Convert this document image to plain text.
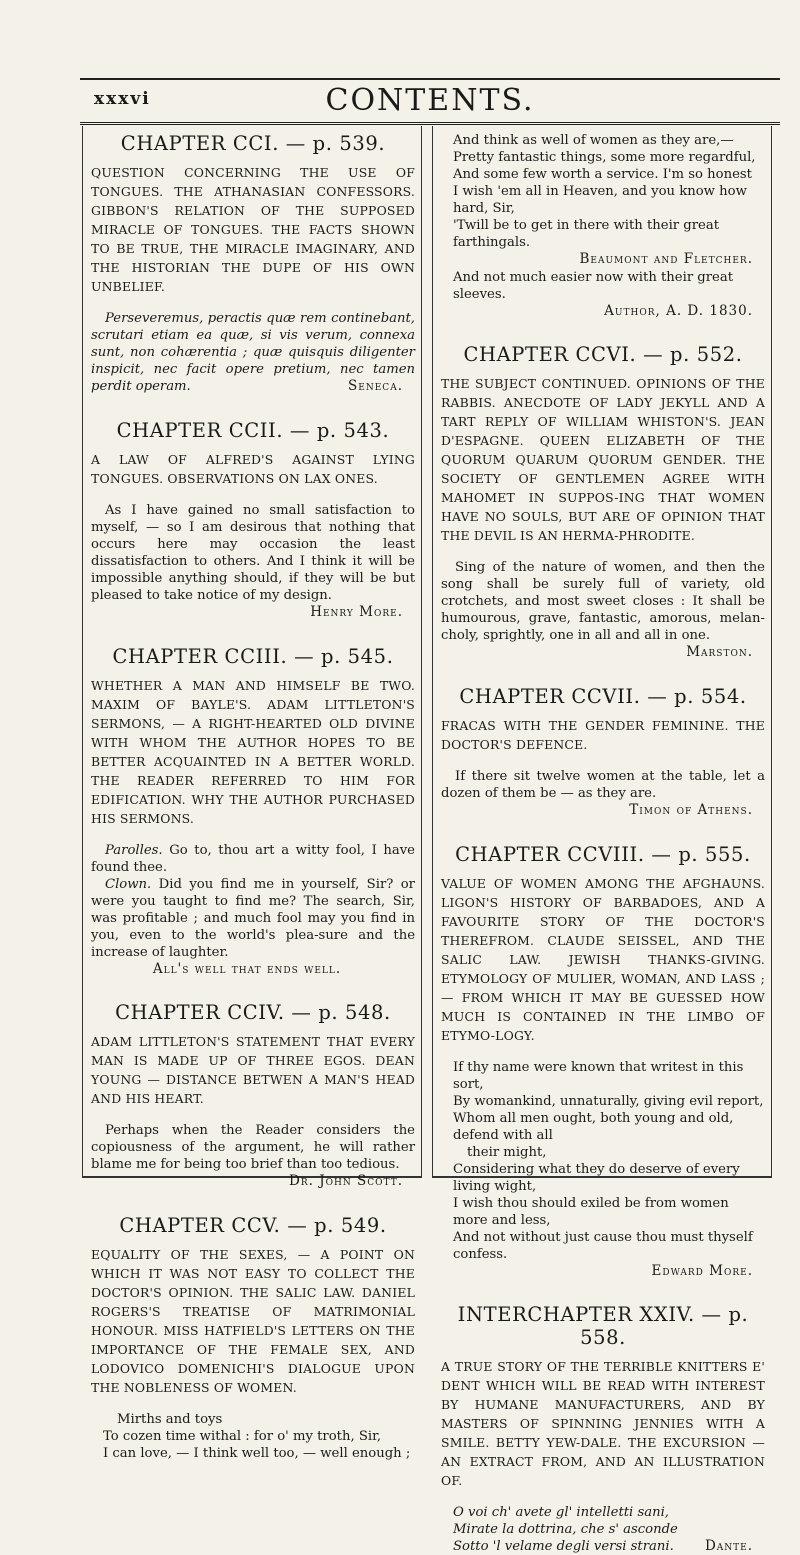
xxxvi	CONTENTS.
CHAPTER CCI. — p. 539.

QUESTION CONCERNING THE USE OF TONGUES. THE ATHANASIAN CONFESSORS. GIBBON'S RELATION OF THE SUPPOSED MIRACLE OF TONGUES. THE FACTS SHOWN TO BE TRUE, THE MIRACLE IMAGINARY, AND THE HISTORIAN THE DUPE OF HIS OWN UNBELIEF.

Perseveremus, peractis quæ rem continebant, scrutari etiam ea quæ, si vis verum, connexa sunt, non cohærentia ; quæ quisquis diligenter inspicit, nec facit opere pretium, nec tamen perdit operam.	Seneca.

CHAPTER CCII. — p. 543.

A LAW OF ALFRED'S AGAINST LYING TONGUES. OBSERVATIONS ON LAX ONES.

As I have gained no small satisfaction to myself, — so I am desirous that nothing that occurs here may occasion the least dissatisfaction to others. And I think it will be impossible anything should, if they will be but pleased to take notice of my design.
Henry More.

CHAPTER CCIII. — p. 545.

WHETHER A MAN AND HIMSELF BE TWO. MAXIM OF BAYLE'S. ADAM LITTLETON'S SERMONS, — A RIGHT-HEARTED OLD DIVINE WITH WHOM THE AUTHOR HOPES TO BE BETTER ACQUAINTED IN A BETTER WORLD. THE READER REFERRED TO HIM FOR EDIFICATION. WHY THE AUTHOR PURCHASED HIS SERMONS.

Parolles. Go to, thou art a witty fool, I have found thee.

Clown. Did you find me in yourself, Sir? or were you taught to find me? The search, Sir, was profitable ; and much fool may you find in you, even to the world's plea-sure and the increase of laughter.

All's well that ends well.
CHAPTER CCIV. — p. 548.

ADAM LITTLETON'S STATEMENT THAT EVERY MAN IS MADE UP OF THREE EGOS. DEAN YOUNG — DISTANCE BETWEN A MAN'S HEAD AND HIS HEART.

Perhaps when the Reader considers the copiousness of the argument, he will rather blame me for being too brief than too tedious.
Dr. John Scott.

CHAPTER CCV. — p. 549.

EQUALITY OF THE SEXES, — A POINT ON WHICH IT WAS NOT EASY TO COLLECT THE DOCTOR'S OPINION. THE SALIC LAW. DANIEL ROGERS'S TREATISE OF MATRIMONIAL HONOUR. MISS HATFIELD'S LETTERS ON THE IMPORTANCE OF THE FEMALE SEX, AND LODOVICO DOMENICHI'S DIALOGUE UPON THE NOBLENESS OF WOMEN.

Mirths and toys
To cozen time withal : for o' my troth, Sir,
I can love, — I think well too, — well enough ;
And think as well of women as they are,—
Pretty fantastic things, some more regardful,
And some few worth a service. I'm so honest
I wish 'em all in Heaven, and you know how hard, Sir,
'Twill be to get in there with their great farthingals.
Beaumont and Fletcher.
And not much easier now with their great sleeves.
Author, A. D. 1830.
CHAPTER CCVI. — p. 552.

THE SUBJECT CONTINUED. OPINIONS OF THE RABBIS. ANECDOTE OF LADY JEKYLL AND A TART REPLY OF WILLIAM WHISTON'S. JEAN D'ESPAGNE. QUEEN ELIZABETH OF THE QUORUM QUARUM QUORUM GENDER. THE SOCIETY OF GENTLEMEN AGREE WITH MAHOMET IN SUPPOS-ING THAT WOMEN HAVE NO SOULS, BUT ARE OF OPINION THAT THE DEVIL IS AN HERMA-PHRODITE.

Sing of the nature of women, and then the song shall be surely full of variety, old crotchets, and most sweet closes : It shall be humourous, grave, fantastic, amorous, melan-choly, sprightly, one in all and all in one.
Marston.

CHAPTER CCVII. — p. 554.

FRACAS WITH THE GENDER FEMININE. THE DOCTOR'S DEFENCE.

If there sit twelve women at the table, let a dozen of them be — as they are.
Timon of Athens.

CHAPTER CCVIII. — p. 555.

VALUE OF WOMEN AMONG THE AFGHAUNS. LIGON'S HISTORY OF BARBADOES, AND A FAVOURITE STORY OF THE DOCTOR'S THEREFROM. CLAUDE SEISSEL, AND THE SALIC LAW. JEWISH THANKS-GIVING. ETYMOLOGY OF MULIER, WOMAN, AND LASS ; — FROM WHICH IT MAY BE GUESSED HOW MUCH IS CONTAINED IN THE LIMBO OF ETYMO-LOGY.

If thy name were known that writest in this sort,
By womankind, unnaturally, giving evil report,
Whom all men ought, both young and old, defend with all
their might,
Considering what they do deserve of every living wight,
I wish thou should exiled be from women more and less,
And not without just cause thou must thyself confess.
Edward More.
INTERCHAPTER XXIV. — p. 558.

A TRUE STORY OF THE TERRIBLE KNITTERS E' DENT WHICH WILL BE READ WITH INTEREST BY HUMANE MANUFACTURERS, AND BY MASTERS OF SPINNING JENNIES WITH A SMILE. BETTY YEW-DALE. THE EXCURSION — AN EXTRACT FROM, AND AN ILLUSTRATION OF.

O voi ch' avete gl' intelletti sani,
Mirate la dottrina, che s' asconde
Sotto 'l velame degli versi strani.	Dante.
